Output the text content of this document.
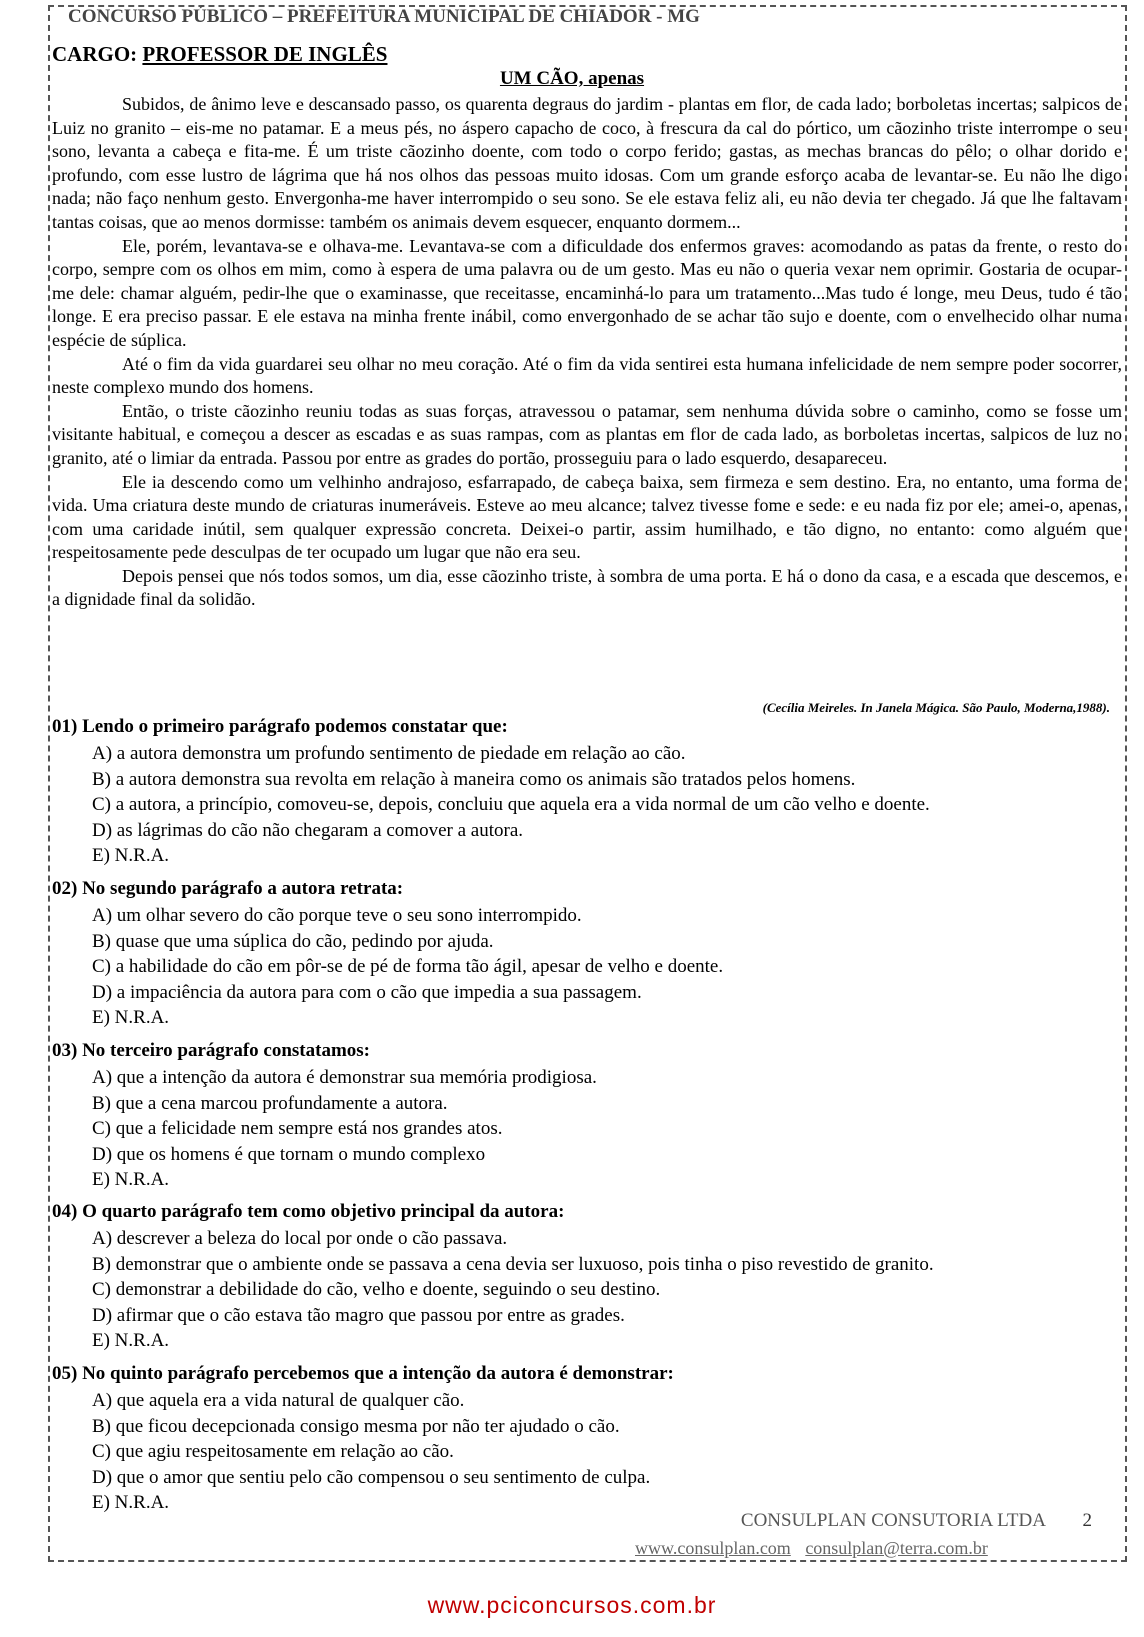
CONCURSO PÚBLICO – PREFEITURA MUNICIPAL DE CHIADOR - MG
CARGO: PROFESSOR DE INGLÊS
UM CÃO, apenas

Subidos, de ânimo leve e descansado passo, os quarenta degraus do jardim - plantas em flor, de cada lado; borboletas incertas; salpicos de Luiz no granito – eis-me no patamar. E a meus pés, no áspero capacho de coco, à frescura da cal do pórtico, um cãozinho triste interrompe o seu sono, levanta a cabeça e fita-me. É um triste cãozinho doente, com todo o corpo ferido; gastas, as mechas brancas do pêlo; o olhar dorido e profundo, com esse lustro de lágrima que há nos olhos das pessoas muito idosas. Com um grande esforço acaba de levantar-se. Eu não lhe digo nada; não faço nenhum gesto. Envergonha-me haver interrompido o seu sono. Se ele estava feliz ali, eu não devia ter chegado. Já que lhe faltavam tantas coisas, que ao menos dormisse: também os animais devem esquecer, enquanto dormem...

Ele, porém, levantava-se e olhava-me. Levantava-se com a dificuldade dos enfermos graves: acomodando as patas da frente, o resto do corpo, sempre com os olhos em mim, como à espera de uma palavra ou de um gesto. Mas eu não o queria vexar nem oprimir. Gostaria de ocupar-me dele: chamar alguém, pedir-lhe que o examinasse, que receitasse, encaminhá-lo para um tratamento...Mas tudo é longe, meu Deus, tudo é tão longe. E era preciso passar. E ele estava na minha frente inábil, como envergonhado de se achar tão sujo e doente, com o envelhecido olhar numa espécie de súplica.

Até o fim da vida guardarei seu olhar no meu coração. Até o fim da vida sentirei esta humana infelicidade de nem sempre poder socorrer, neste complexo mundo dos homens.

Então, o triste cãozinho reuniu todas as suas forças, atravessou o patamar, sem nenhuma dúvida sobre o caminho, como se fosse um visitante habitual, e começou a descer as escadas e as suas rampas, com as plantas em flor de cada lado, as borboletas incertas, salpicos de luz no granito, até o limiar da entrada. Passou por entre as grades do portão, prosseguiu para o lado esquerdo, desapareceu.

Ele ia descendo como um velhinho andrajoso, esfarrapado, de cabeça baixa, sem firmeza e sem destino. Era, no entanto, uma forma de vida. Uma criatura deste mundo de criaturas inumeráveis. Esteve ao meu alcance; talvez tivesse fome e sede: e eu nada fiz por ele; amei-o, apenas, com uma caridade inútil, sem qualquer expressão concreta. Deixei-o partir, assim humilhado, e tão digno, no entanto: como alguém que respeitosamente pede desculpas de ter ocupado um lugar que não era seu.

Depois pensei que nós todos somos, um dia, esse cãozinho triste, à sombra de uma porta. E há o dono da casa, e a escada que descemos, e a dignidade final da solidão.

(Cecília Meireles. In Janela Mágica. São Paulo, Moderna,1988).
01) Lendo o primeiro parágrafo podemos constatar que:
A) a autora demonstra um profundo sentimento de piedade em relação ao cão.
B) a autora demonstra sua revolta em relação à maneira como os animais são tratados pelos homens.
C) a autora, a princípio, comoveu-se, depois, concluiu que aquela era a vida normal de um cão velho e doente.
D) as lágrimas do cão não chegaram a comover a autora.
E) N.R.A.
02) No segundo parágrafo a autora retrata:
A) um olhar severo do cão porque teve o seu sono interrompido.
B) quase que uma súplica do cão, pedindo por ajuda.
C) a habilidade do cão em pôr-se de pé de forma tão ágil, apesar de velho e doente.
D) a impaciência da autora para com o cão que impedia a sua passagem.
E) N.R.A.
03) No terceiro parágrafo constatamos:
A) que a intenção da autora é demonstrar sua memória prodigiosa.
B) que a cena marcou profundamente a autora.
C) que a felicidade nem sempre está nos grandes atos.
D) que os homens é que tornam o mundo complexo
E) N.R.A.
04) O quarto parágrafo tem como objetivo principal da autora:
A) descrever a beleza do local por onde o cão passava.
B) demonstrar que o ambiente onde se passava a cena devia ser luxuoso, pois tinha o piso revestido de granito.
C) demonstrar a debilidade do cão, velho e doente, seguindo o seu destino.
D) afirmar que o cão estava tão magro que passou por entre as grades.
E) N.R.A.
05) No quinto parágrafo percebemos que a intenção da autora é demonstrar:
A) que aquela era a vida natural de qualquer cão.
B) que ficou decepcionada consigo mesma por não ter ajudado o cão.
C) que agiu respeitosamente em relação ao cão.
D) que o amor que sentiu pelo cão compensou o seu sentimento de culpa.
E) N.R.A.
CONSULPLAN CONSUTORIA LTDA 2
www.consulplan.com consulplan@terra.com.br
www.pciconcursos.com.br
